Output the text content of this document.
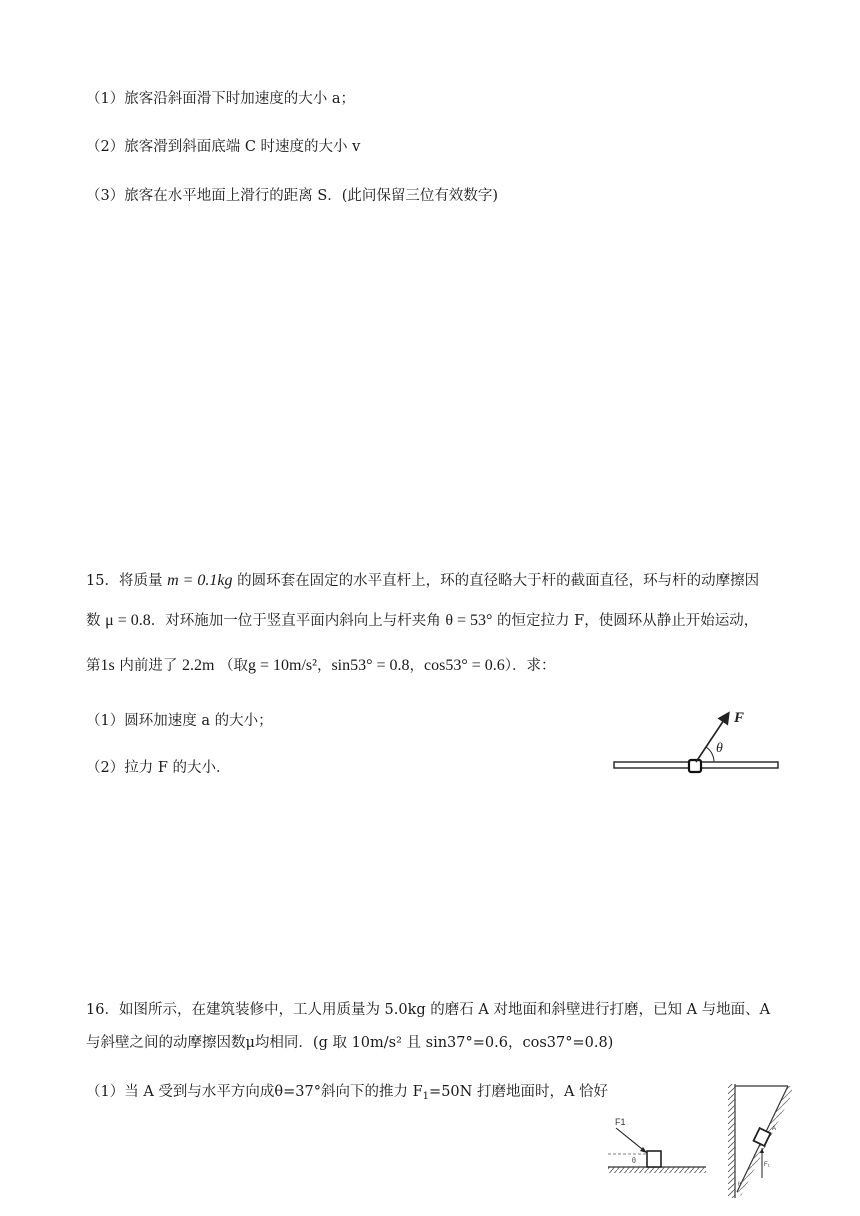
（1）旅客沿斜面滑下时加速度的大小 a；
（2）旅客滑到斜面底端 C 时速度的大小 v
（3）旅客在水平地面上滑行的距离 S．(此问保留三位有效数字)
15．将质量 m = 0.1kg 的圆环套在固定的水平直杆上，环的直径略大于杆的截面直径，环与杆的动摩擦因
数 μ = 0.8．对环施加一位于竖直平面内斜向上与杆夹角 θ = 53° 的恒定拉力 F，使圆环从静止开始运动，
第1s 内前进了 2.2m （取g = 10m/s²，sin53° = 0.8，cos53° = 0.6）．求：
（1）圆环加速度 a 的大小；
（2）拉力 F 的大小．
F
θ
16．如图所示，在建筑装修中，工人用质量为 5.0kg 的磨石 A 对地面和斜壁进行打磨，已知 A 与地面、A
与斜壁之间的动摩擦因数μ均相同．(g 取 10m/s² 且 sin37°=0.6，cos37°=0.8)
（1）当 A 受到与水平方向成θ=37°斜向下的推力 $F_1=50N$ 打磨地面时，A 恰好
F1
θ
A
F₁
θ
